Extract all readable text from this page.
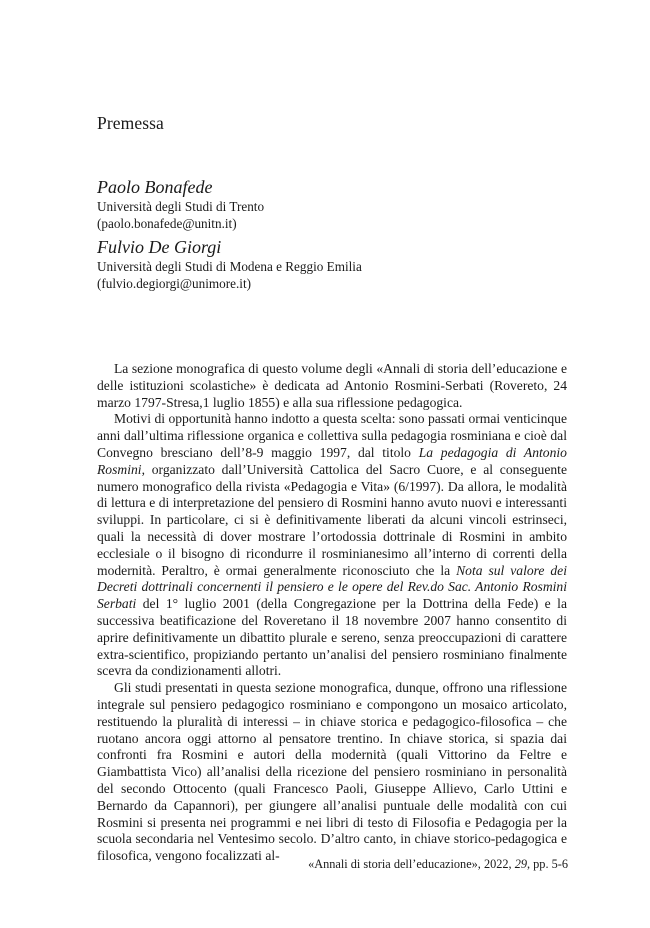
Premessa

Paolo Bonafede

Università degli Studi di Trento

(paolo.bonafede@unitn.it)

Fulvio De Giorgi

Università degli Studi di Modena e Reggio Emilia

(fulvio.degiorgi@unimore.it)

La sezione monografica di questo volume degli «Annali di storia dell’educazione e delle istituzioni scolastiche» è dedicata ad Antonio Rosmini-Serbati (Rovereto, 24 marzo 1797-Stresa,1 luglio 1855) e alla sua riflessione pedagogica.

Motivi di opportunità hanno indotto a questa scelta: sono passati ormai venticinque anni dall’ultima riflessione organica e collettiva sulla pedagogia rosminiana e cioè dal Convegno bresciano dell’8-9 maggio 1997, dal titolo La pedagogia di Antonio Rosmini, organizzato dall’Università Cattolica del Sacro Cuore, e al conseguente numero monografico della rivista «Pedagogia e Vita» (6/1997). Da allora, le modalità di lettura e di interpretazione del pensiero di Rosmini hanno avuto nuovi e interessanti sviluppi. In particolare, ci si è definitivamente liberati da alcuni vincoli estrinseci, quali la necessità di dover mostrare l’ortodossia dottrinale di Rosmini in ambito ecclesiale o il bisogno di ricondurre il rosminianesimo all’interno di correnti della modernità. Peraltro, è ormai generalmente riconosciuto che la Nota sul valore dei Decreti dottrinali concernenti il pensiero e le opere del Rev.do Sac. Antonio Rosmini Serbati del 1° luglio 2001 (della Congregazione per la Dottrina della Fede) e la successiva beatificazione del Roveretano il 18 novembre 2007 hanno consentito di aprire definitivamente un dibattito plurale e sereno, senza preoccupazioni di carattere extra-scientifico, propiziando pertanto un’analisi del pensiero rosminiano finalmente scevra da condizionamenti allotri.

Gli studi presentati in questa sezione monografica, dunque, offrono una riflessione integrale sul pensiero pedagogico rosminiano e compongono un mosaico articolato, restituendo la pluralità di interessi – in chiave storica e pedagogico-filosofica – che ruotano ancora oggi attorno al pensatore trentino. In chiave storica, si spazia dai confronti fra Rosmini e autori della modernità (quali Vittorino da Feltre e Giambattista Vico) all’analisi della ricezione del pensiero rosminiano in personalità del secondo Ottocento (quali Francesco Paoli, Giuseppe Allievo, Carlo Uttini e Bernardo da Capannori), per giungere all’analisi puntuale delle modalità con cui Rosmini si presenta nei programmi e nei libri di testo di Filosofia e Pedagogia per la scuola secondaria nel Ventesimo secolo. D’altro canto, in chiave storico-pedagogica e filosofica, vengono focalizzati al-

«Annali di storia dell’educazione», 2022, 29, pp. 5-6
